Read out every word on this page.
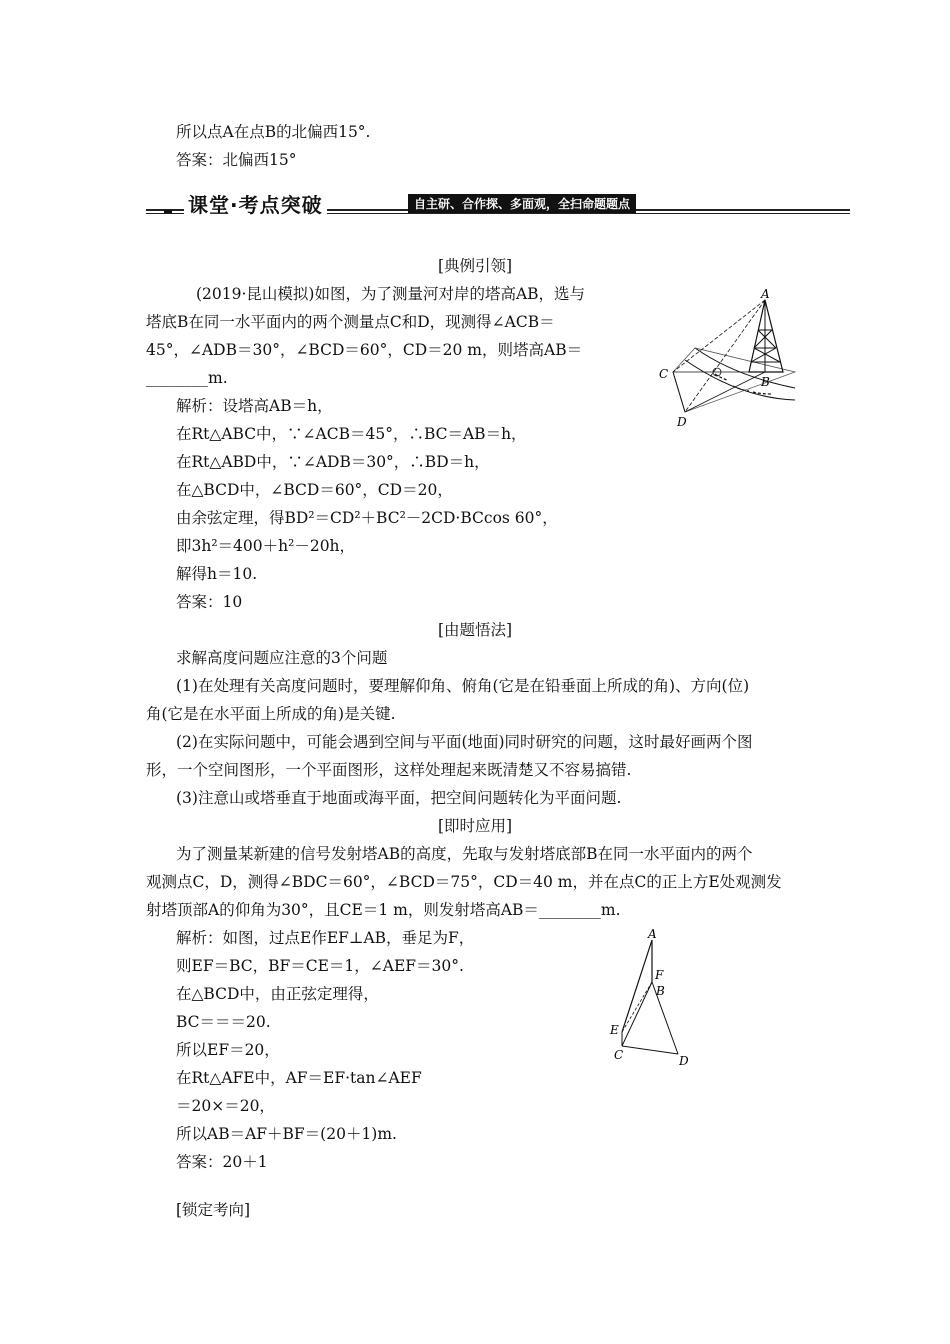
所以点A在点B的北偏西15°.
答案：北偏西15°
课堂·考点突破	自主研、合作探、多面观，全扫命题题点
[典例引领]
(2019·昆山模拟)如图，为了测量河对岸的塔高AB，选与
塔底B在同一水平面内的两个测量点C和D，现测得∠ACB＝
45°，∠ADB＝30°，∠BCD＝60°，CD＝20 m，则塔高AB＝
________m.
解析：设塔高AB＝h，
在Rt△ABC中，∵∠ACB＝45°，∴BC＝AB＝h，
在Rt△ABD中，∵∠ADB＝30°，∴BD＝h，
在△BCD中，∠BCD＝60°，CD＝20，
由余弦定理，得BD²＝CD²＋BC²－2CD·BCcos 60°，
即3h²＝400＋h²－20h，
解得h＝10.
答案：10
A
B
C
D
[由题悟法]
求解高度问题应注意的3个问题
(1)在处理有关高度问题时，要理解仰角、俯角(它是在铅垂面上所成的角)、方向(位)
角(它是在水平面上所成的角)是关键.
(2)在实际问题中，可能会遇到空间与平面(地面)同时研究的问题，这时最好画两个图
形，一个空间图形，一个平面图形，这样处理起来既清楚又不容易搞错.
(3)注意山或塔垂直于地面或海平面，把空间问题转化为平面问题.
[即时应用]
为了测量某新建的信号发射塔AB的高度，先取与发射塔底部B在同一水平面内的两个
观测点C，D，测得∠BDC＝60°，∠BCD＝75°，CD＝40 m，并在点C的正上方E处观测发
射塔顶部A的仰角为30°，且CE＝1 m，则发射塔高AB＝________m.
解析：如图，过点E作EF⊥AB，垂足为F，
则EF＝BC，BF＝CE＝1，∠AEF＝30°.
在△BCD中，由正弦定理得，
BC＝＝＝20.
所以EF＝20，
在Rt△AFE中，AF＝EF·tan∠AEF
＝20×＝20，
所以AB＝AF＋BF＝(20＋1)m.
答案：20＋1
A
F
B
E
C	D
[锁定考向]
